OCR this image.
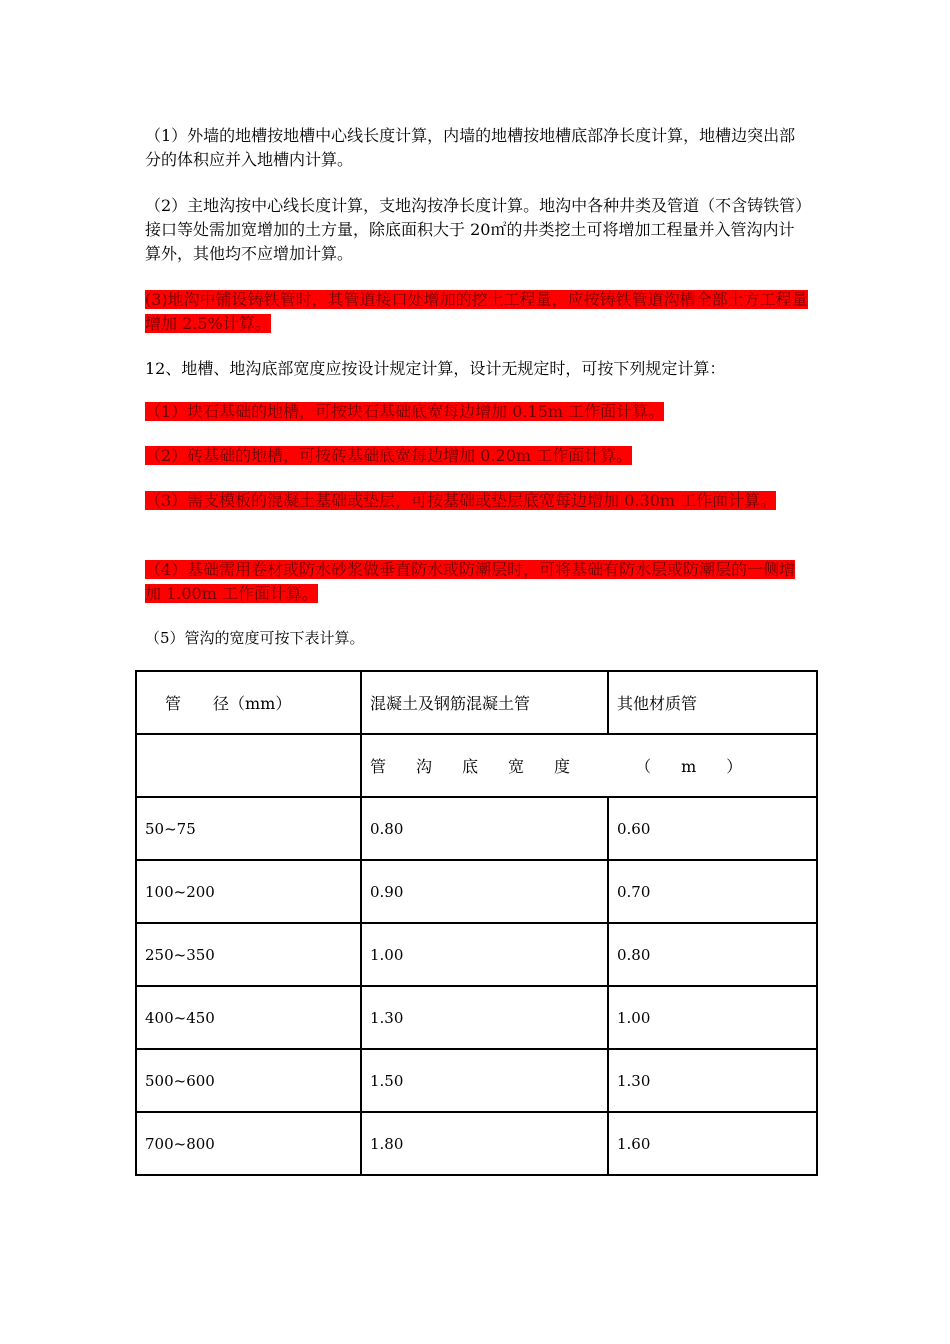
（1）外墙的地槽按地槽中心线长度计算，内墙的地槽按地槽底部净长度计算，地槽边突出部分的体积应并入地槽内计算。

（2）主地沟按中心线长度计算，支地沟按净长度计算。地沟中各种井类及管道（不含铸铁管）接口等处需加宽增加的土方量，除底面积大于 20㎡的井类挖土可将增加工程量并入管沟内计算外，其他均不应增加计算。

(3)地沟中铺设铸铁管时，其管道接口处增加的挖土工程量，应按铸铁管道沟槽全部土方工程量增加 2.5%计算。

12、地槽、地沟底部宽度应按设计规定计算，设计无规定时，可按下列规定计算：

（1）块石基础的地槽，可按块石基础底宽每边增加 0.15m 工作面计算。

（2）砖基础的地槽，可按砖基础底宽每边增加 0.20m 工作面计算。

（3）需支模板的混凝土基础或垫层，可按基础或垫层底宽每边增加 0.30m 工作面计算。

（4）基础需用卷材或防水砂浆做垂直防水或防潮层时，可将基础有防水层或防潮层的一侧增加 1.00m 工作面计算。

（5）管沟的宽度可按下表计算。

管　　径（mm）	混凝土及钢筋混凝土管	其他材质管
	管沟底宽度 （m）	
50~75	0.80	0.60
100~200	0.90	0.70
250~350	1.00	0.80
400~450	1.30	1.00
500~600	1.50	1.30
700~800	1.80	1.60
